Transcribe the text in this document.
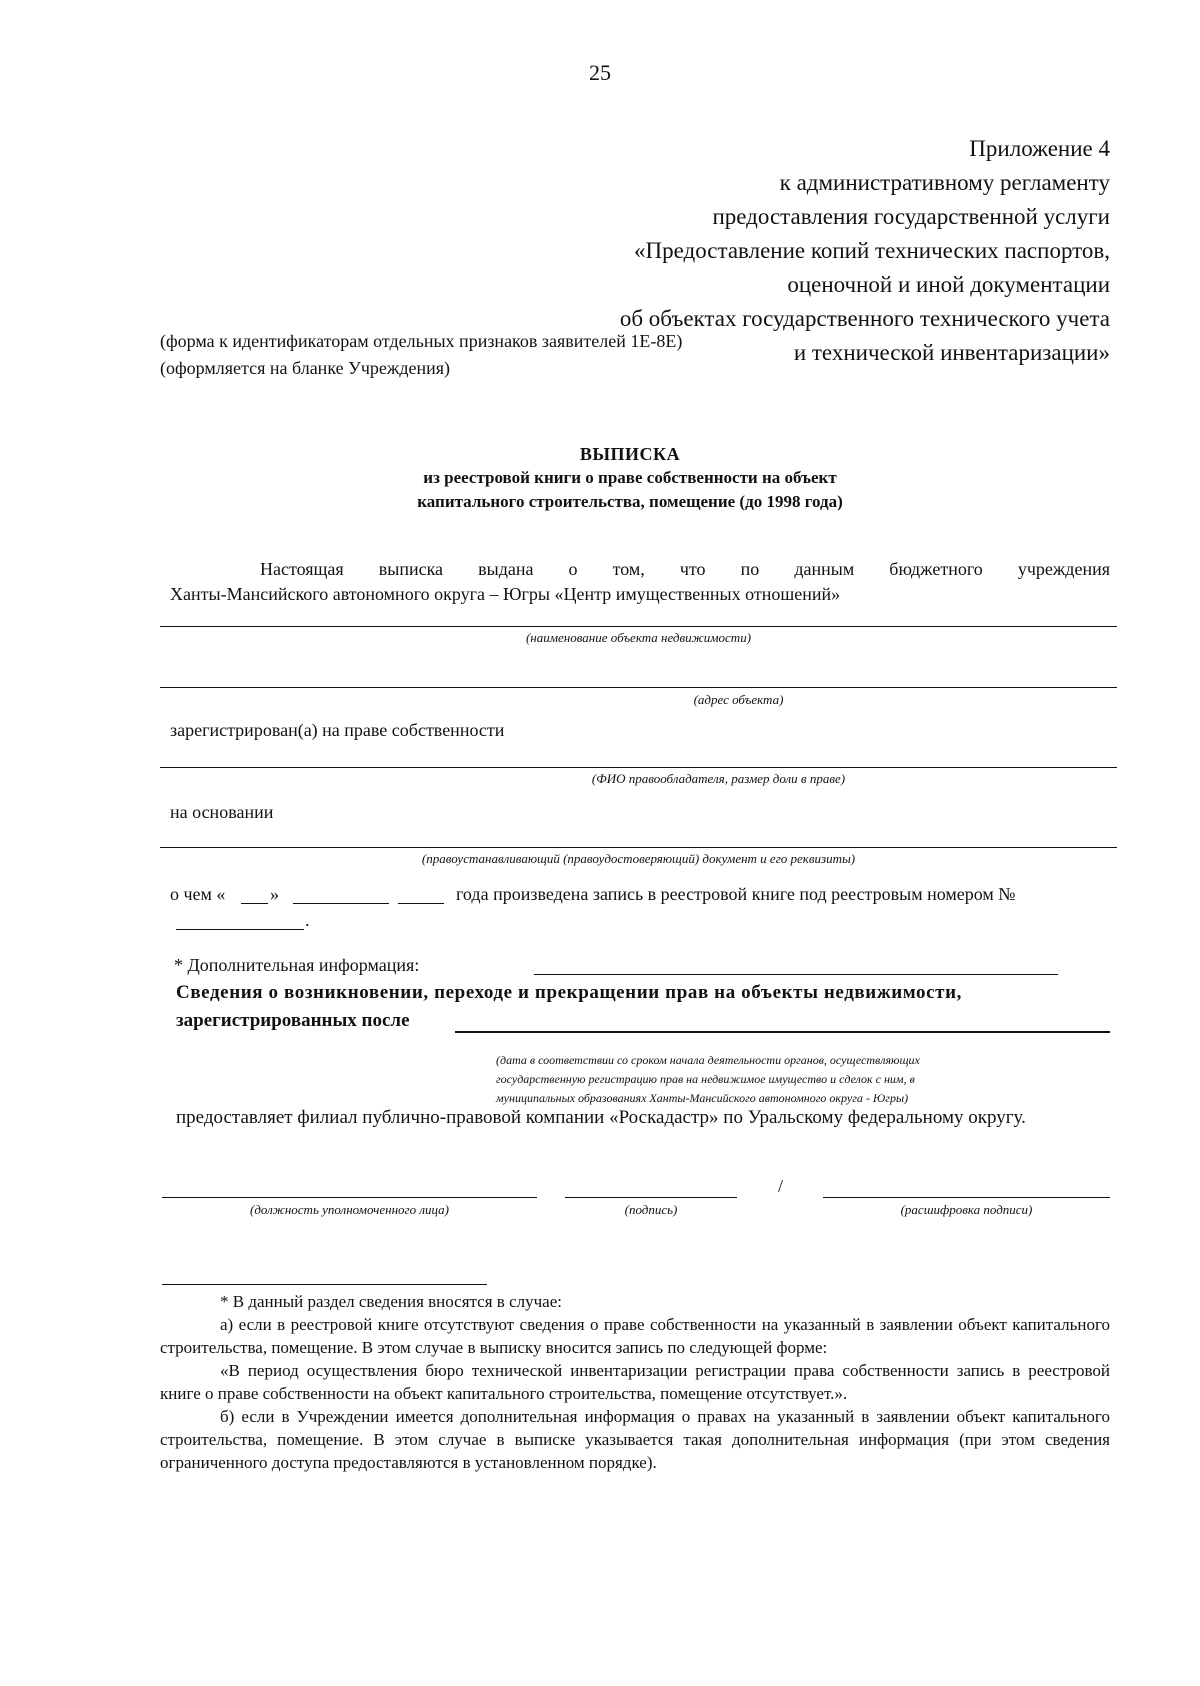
25
Приложение 4
к административному регламенту
предоставления государственной услуги
«Предоставление копий технических паспортов,
оценочной и иной документации
об объектах государственного технического учета
и технической инвентаризации»
(форма к идентификаторам отдельных признаков заявителей 1Е-8Е)
(оформляется на бланке Учреждения)
ВЫПИСКА
из реестровой книги о праве собственности на объект
капитального строительства, помещение (до 1998 года)
Настоящая выписка выдана о том, что по данным бюджетного учреждения
Ханты-Мансийского автономного округа – Югры «Центр имущественных отношений»
(наименование объекта недвижимости)
(адрес объекта)
зарегистрирован(а) на праве собственности
(ФИО правообладателя, размер доли в праве)
на основании
(правоустанавливающий (правоудостоверяющий) документ и его реквизиты)
о чем « »	года произведена запись в реестровой книге под реестровым номером №
.
* Дополнительная информация:
Сведения о возникновении, переходе и прекращении прав на объекты недвижимости,
зарегистрированных после
(дата в соответствии со сроком начала деятельности органов, осуществляющих
государственную регистрацию прав на недвижимое имущество и сделок с ним, в
муниципальных образованиях Ханты-Мансийского автономного округа - Югры)
предоставляет филиал публично-правовой компании «Роскадастр» по Уральскому федеральному округу.
/
(должность уполномоченного лица)	(подпись)	(расшифровка подписи)

* В данный раздел сведения вносятся в случае:

а) если в реестровой книге отсутствуют сведения о праве собственности на указанный в заявлении объект капитального строительства, помещение. В этом случае в выписку вносится запись по следующей форме:

«В период осуществления бюро технической инвентаризации регистрации права собственности запись в реестровой книге о праве собственности на объект капитального строительства, помещение отсутствует.».

б) если в Учреждении имеется дополнительная информация о правах на указанный в заявлении объект капитального строительства, помещение. В этом случае в выписке указывается такая дополнительная информация (при этом сведения ограниченного доступа предоставляются в установленном порядке).
